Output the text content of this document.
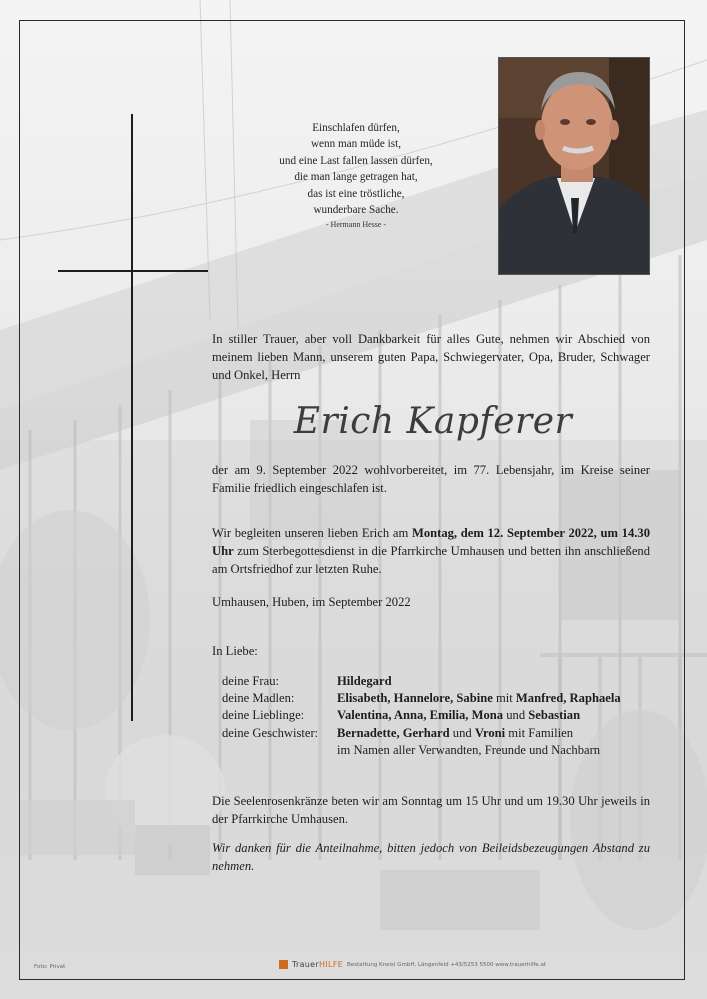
Einschlafen dürfen,
wenn man müde ist,
und eine Last fallen lassen dürfen,
die man lange getragen hat,
das ist eine tröstliche,
wunderbare Sache.
- Hermann Hesse -
In stiller Trauer, aber voll Dankbarkeit für alles Gute, nehmen wir Abschied von meinem lieben Mann, unserem guten Papa, Schwiegervater, Opa, Bruder, Schwager und Onkel, Herrn
Erich Kapferer
der am 9. September 2022 wohlvorbereitet, im 77. Lebensjahr, im Kreise seiner Familie friedlich eingeschlafen ist.
Wir begleiten unseren lieben Erich am Montag, dem 12. September 2022, um 14.30 Uhr zum Sterbegottesdienst in die Pfarrkirche Umhausen und betten ihn anschließend am Ortsfriedhof zur letzten Ruhe.
Umhausen, Huben, im September 2022
In Liebe:
deine Frau:	Hildegard
deine Madlen:	Elisabeth, Hannelore, Sabine mit Manfred, Raphaela
deine Lieblinge:	Valentina, Anna, Emilia, Mona und Sebastian
deine Geschwister:	Bernadette, Gerhard und Vroni mit Familien
im Namen aller Verwandten, Freunde und Nachbarn
Die Seelenrosenkränze beten wir am Sonntag um 15 Uhr und um 19.30 Uhr jeweils in der Pfarrkirche Umhausen.
Wir danken für die Anteilnahme, bitten jedoch von Beileidsbezeugungen Abstand zu nehmen.
Foto: Privat	TrauerHILFE Bestattung Kneisl GmbH, Längenfeld +43/5253 5500 www.trauerhilfe.at
